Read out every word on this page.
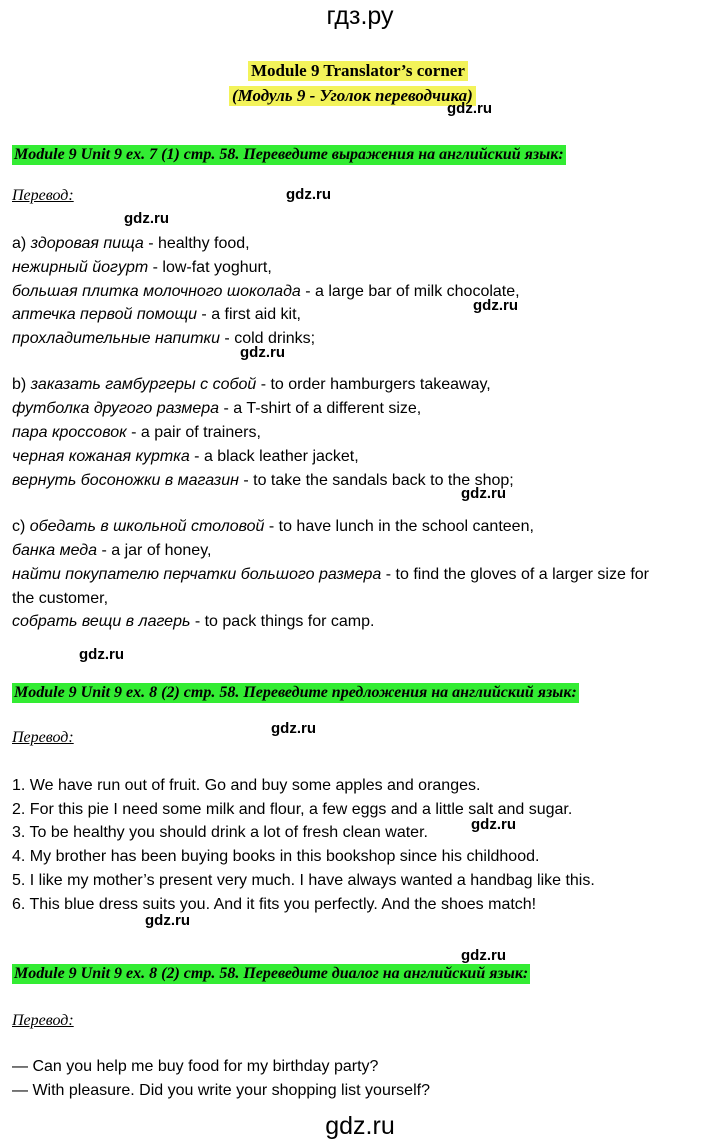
гдз.ру
Module 9 Translator’s corner
(Модуль 9 - Уголок переводчика)
gdz.ru
gdz.ru
gdz.ru
gdz.ru
gdz.ru
gdz.ru
gdz.ru
gdz.ru
gdz.ru
gdz.ru
gdz.ru
Module 9 Unit 9 ex. 7 (1) стр. 58. Переведите выражения на английский язык:
Перевод:
a) здоровая пища - healthy food,
нежирный йогурт - low-fat yoghurt,
большая плитка молочного шоколада - a large bar of milk chocolate,
аптечка первой помощи - a first aid kit,
прохладительные напитки - cold drinks;
b) заказать гамбургеры с собой - to order hamburgers takeaway,
футболка другого размера - a T-shirt of a different size,
пара кроссовок - a pair of trainers,
черная кожаная куртка - a black leather jacket,
вернуть босоножки в магазин - to take the sandals back to the shop;
c) обедать в школьной столовой - to have lunch in the school canteen,
банка меда - a jar of honey,
найти покупателю перчатки большого размера - to find the gloves of a larger size for
the customer,
собрать вещи в лагерь - to pack things for camp.
Module 9 Unit 9 ex. 8 (2) стр. 58. Переведите предложения на английский язык:
Перевод:
1. We have run out of fruit. Go and buy some apples and oranges.
2. For this pie I need some milk and flour, a few eggs and a little salt and sugar.
3. To be healthy you should drink a lot of fresh clean water.
4. My brother has been buying books in this bookshop since his childhood.
5. I like my mother’s present very much. I have always wanted a handbag like this.
6. This blue dress suits you. And it fits you perfectly. And the shoes match!
Module 9 Unit 9 ex. 8 (2) стр. 58. Переведите диалог на английский язык:
Перевод:
— Can you help me buy food for my birthday party?
— With pleasure. Did you write your shopping list yourself?
gdz.ru
